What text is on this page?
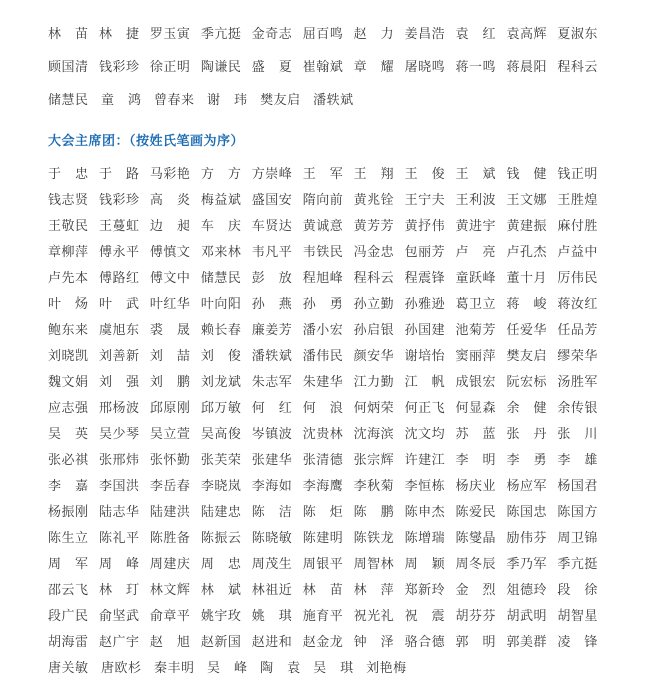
林　苗 林　捷 罗玉寅 季亢挺 金奇志 屈百鸣 赵　力 姜昌浩 袁　红 袁高辉 夏淑东
顾国清 钱彩珍 徐正明 陶谦民 盛　夏 崔翰斌 章　耀 屠晓鸣 蒋一鸣 蒋晨阳 程科云
储慧民 童　鸿 曾春来 谢　玮 樊友启 潘轶斌
大会主席团：（按姓氏笔画为序）
于　忠 于　路 马彩艳 方　方 方崇峰 王　军 王　翔 王　俊 王　斌 钱　健 钱正明
钱志贤 钱彩珍 高　炎 梅益斌 盛国安 隋向前 黄兆铨 王宁夫 王利波 王文娜 王胜煌
王敬民 王蔓虹 边　昶 车　庆 车贤达 黄诚意 黄芳芳 黄抒伟 黄进宇 黄建振 麻付胜
章柳萍 傅永平 傅慎文 邓来林 韦凡平 韦铁民 冯金忠 包丽芳 卢　亮 卢孔杰 卢益中
卢先本 傅路红 傅文中 储慧民 彭　放 程旭峰 程科云 程震锋 童跃峰 董十月 厉伟民
叶　炀 叶　武 叶红华 叶向阳 孙　燕 孙　勇 孙立勤 孙雅逊 葛卫立 蒋　峻 蒋汝红
鲍东来 虞旭东 裘　晟 赖长春 廉姜芳 潘小宏 孙启银 孙国建 池菊芳 任爱华 任品芳
刘晓凯 刘善新 刘　喆 刘　俊 潘轶斌 潘伟民 颜安华 谢培怡 窦丽萍 樊友启 缪荣华
魏文娟 刘　强 刘　鹏 刘龙斌 朱志军 朱建华 江力勤 江　帆 成银宏 阮宏标 汤胜军
应志强 邢杨波 邱原刚 邱万敏 何　红 何　浪 何炳荣 何正飞 何显森 余　健 余传银
吴　英 吴少琴 吴立萱 吴高俊 岑镇波 沈贵林 沈海滨 沈文均 苏　蓝 张　丹 张　川
张必祺 张邢炜 张怀勤 张芙荣 张建华 张清德 张宗辉 许建江 李　明 李　勇 李　雄
李　嘉 李国洪 李岳春 李晓岚 李海如 李海鹰 李秋菊 李恒栋 杨庆业 杨应军 杨国君
杨振刚 陆志华 陆建洪 陆建忠 陈　洁 陈　炬 陈　鹏 陈申杰 陈爱民 陈国忠 陈国方
陈生立 陈礼平 陈胜备 陈振云 陈晓敏 陈建明 陈铁龙 陈增瑞 陈燮晶 励伟芬 周卫锦
周　军 周　峰 周建庆 周　忠 周茂生 周银平 周智林 周　颖 周冬辰 季乃军 季亢挺
邵云飞 林　玎 林文辉 林　斌 林祖近 林　苗 林　萍 郑新玲 金　烈 俎德玲 段　徐
段广民 俞坚武 俞章平 姚宇玫 姚　琪 施育平 祝光礼 祝　震 胡芬芬 胡武明 胡智星
胡海雷 赵广宇 赵　旭 赵新国 赵进和 赵金龙 钟　泽 骆合德 郭　明 郭美群 凌　锋
唐关敏 唐欧杉 秦丰明 吴　峰 陶　袁 吴　琪 刘艳梅
